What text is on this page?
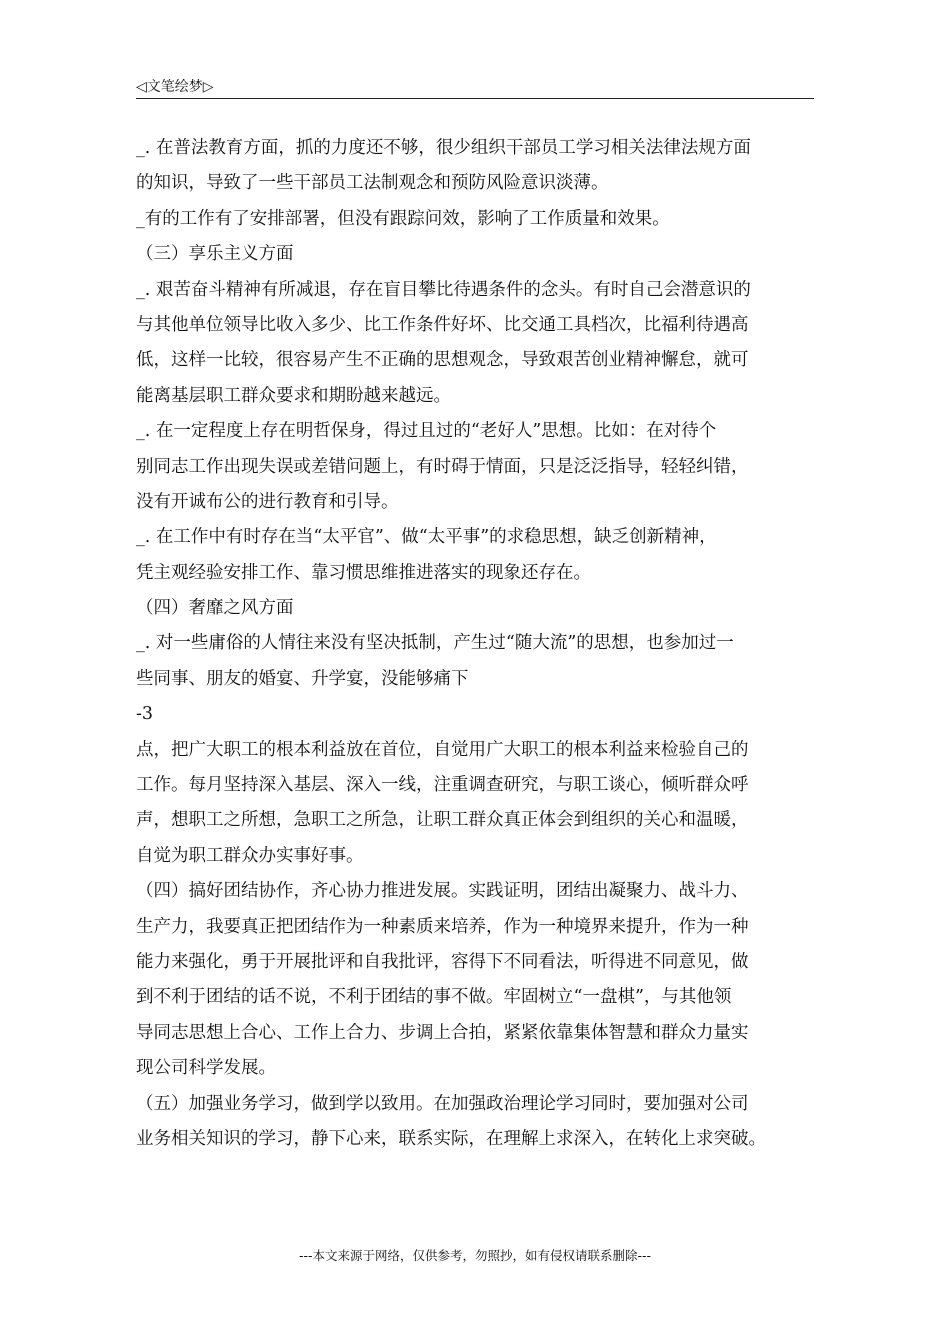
◁文笔绘梦▷
_. 在普法教育方面，抓的力度还不够，很少组织干部员工学习相关法律法规方面
的知识，导致了一些干部员工法制观念和预防风险意识淡薄。
_有的工作有了安排部署，但没有跟踪问效，影响了工作质量和效果。
（三）享乐主义方面
_. 艰苦奋斗精神有所减退，存在盲目攀比待遇条件的念头。有时自己会潜意识的
与其他单位领导比收入多少、比工作条件好坏、比交通工具档次，比福利待遇高
低，这样一比较，很容易产生不正确的思想观念，导致艰苦创业精神懈怠，就可
能离基层职工群众要求和期盼越来越远。
_. 在一定程度上存在明哲保身，得过且过的“老好人”思想。比如：在对待个
别同志工作出现失误或差错问题上，有时碍于情面，只是泛泛指导，轻轻纠错，
没有开诚布公的进行教育和引导。
_. 在工作中有时存在当“太平官”、做“太平事”的求稳思想，缺乏创新精神，
凭主观经验安排工作、靠习惯思维推进落实的现象还存在。
（四）奢靡之风方面
_. 对一些庸俗的人情往来没有坚决抵制，产生过“随大流”的思想，也参加过一
些同事、朋友的婚宴、升学宴，没能够痛下
-3
点，把广大职工的根本利益放在首位，自觉用广大职工的根本利益来检验自己的
工作。每月坚持深入基层、深入一线，注重调查研究，与职工谈心，倾听群众呼
声，想职工之所想，急职工之所急，让职工群众真正体会到组织的关心和温暖，
自觉为职工群众办实事好事。
（四）搞好团结协作，齐心协力推进发展。实践证明，团结出凝聚力、战斗力、
生产力，我要真正把团结作为一种素质来培养，作为一种境界来提升，作为一种
能力来强化，勇于开展批评和自我批评，容得下不同看法，听得进不同意见，做
到不利于团结的话不说，不利于团结的事不做。牢固树立“一盘棋”，与其他领
导同志思想上合心、工作上合力、步调上合拍，紧紧依靠集体智慧和群众力量实
现公司科学发展。
（五）加强业务学习，做到学以致用。在加强政治理论学习同时，要加强对公司
业务相关知识的学习，静下心来，联系实际，在理解上求深入，在转化上求突破。
---本文来源于网络，仅供参考，勿照抄，如有侵权请联系删除---
